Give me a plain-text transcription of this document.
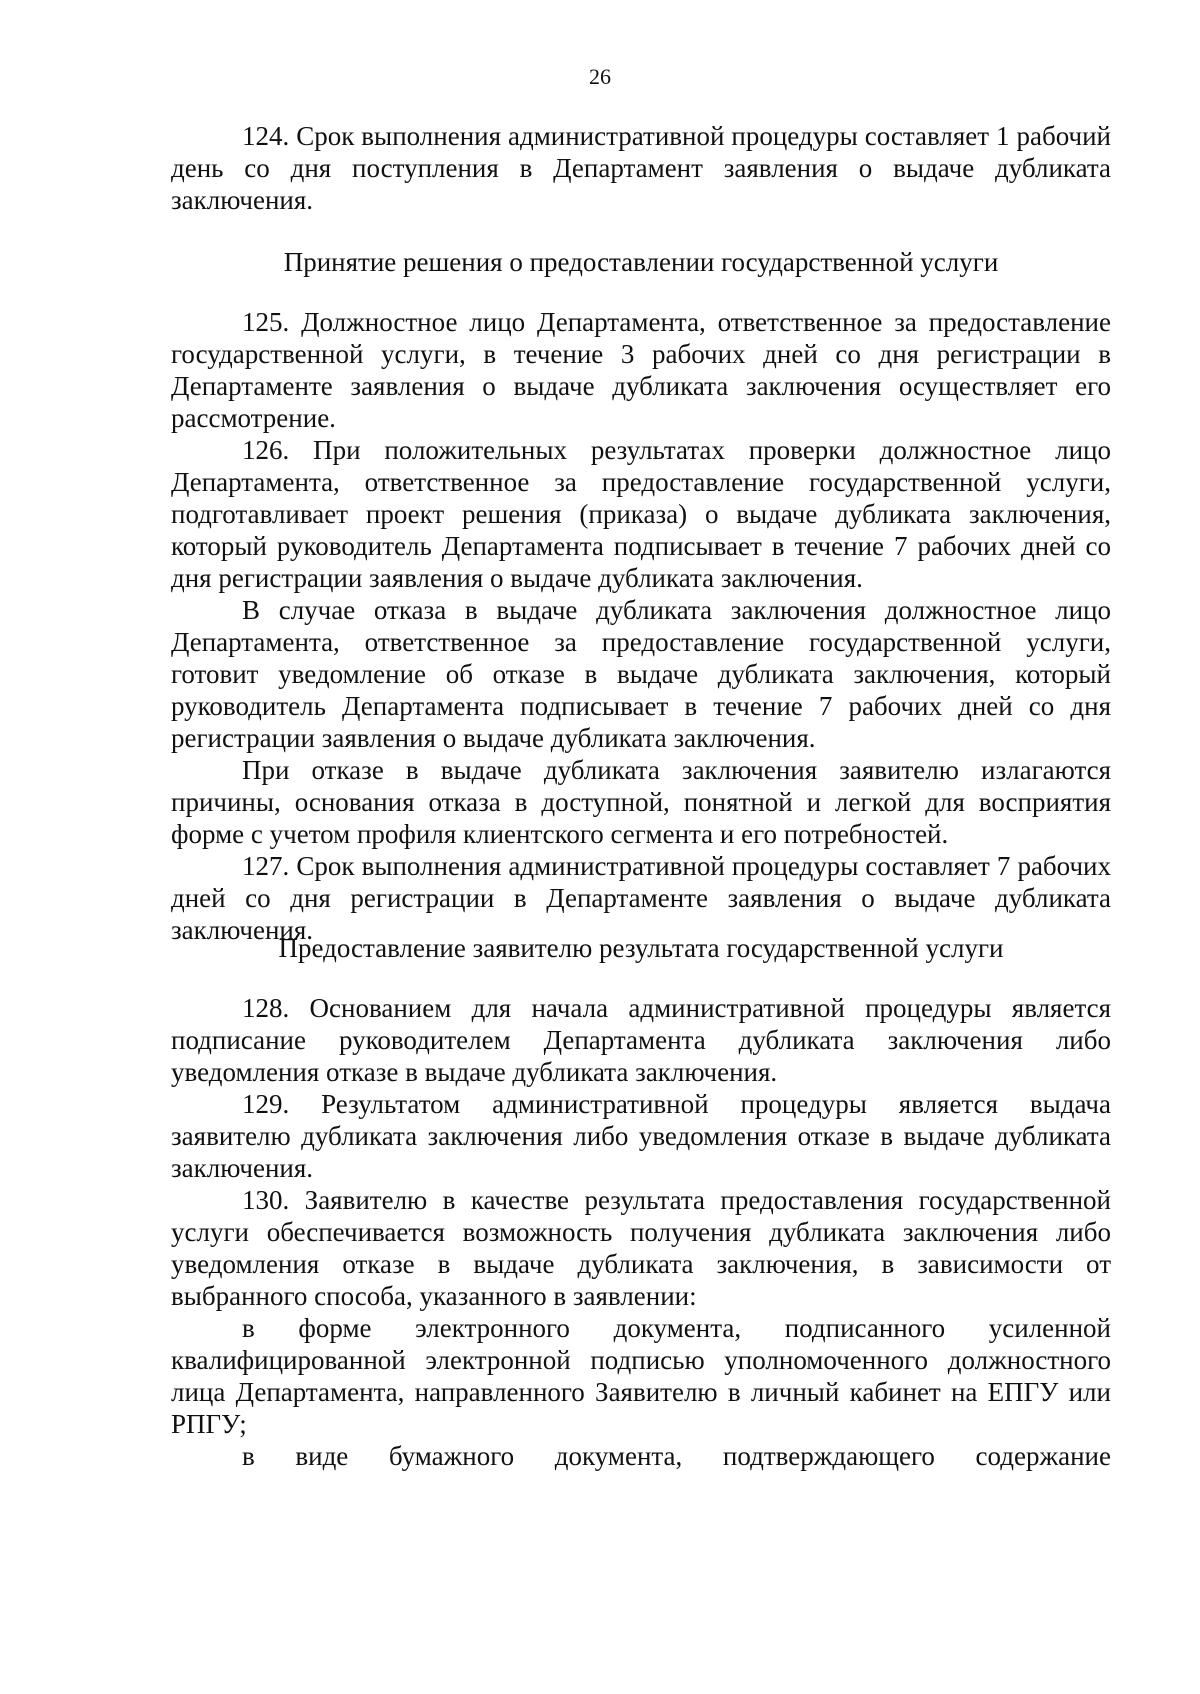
26

124. Срок выполнения административной процедуры составляет 1 рабочий день со дня поступления в Департамент заявления о выдаче дубликата заключения.

Принятие решения о предоставлении государственной услуги

125. Должностное лицо Департамента, ответственное за предоставление государственной услуги, в течение 3 рабочих дней со дня регистрации в Департаменте заявления о выдаче дубликата заключения осуществляет его рассмотрение.

126. При положительных результатах проверки должностное лицо Департамента, ответственное за предоставление государственной услуги, подготавливает проект решения (приказа) о выдаче дубликата заключения, который руководитель Департамента подписывает в течение 7 рабочих дней со дня регистрации заявления о выдаче дубликата заключения.

В случае отказа в выдаче дубликата заключения должностное лицо Департамента, ответственное за предоставление государственной услуги, готовит уведомление об отказе в выдаче дубликата заключения, который руководитель Департамента подписывает в течение 7 рабочих дней со дня регистрации заявления о выдаче дубликата заключения.

При отказе в выдаче дубликата заключения заявителю излагаются причины, основания отказа в доступной, понятной и легкой для восприятия форме с учетом профиля клиентского сегмента и его потребностей.

127. Срок выполнения административной процедуры составляет 7 рабочих дней со дня регистрации в Департаменте заявления о выдаче дубликата заключения.

Предоставление заявителю результата государственной услуги

128. Основанием для начала административной процедуры является подписание руководителем Департамента дубликата заключения либо уведомления отказе в выдаче дубликата заключения.

129. Результатом административной процедуры является выдача заявителю дубликата заключения либо уведомления отказе в выдаче дубликата заключения.

130. Заявителю в качестве результата предоставления государственной услуги обеспечивается возможность получения дубликата заключения либо уведомления отказе в выдаче дубликата заключения, в зависимости от выбранного способа, указанного в заявлении:

в форме электронного документа, подписанного усиленной квалифицированной электронной подписью уполномоченного должностного лица Департамента, направленного Заявителю в личный кабинет на ЕПГУ или РПГУ;

в виде бумажного документа, подтверждающего содержание
